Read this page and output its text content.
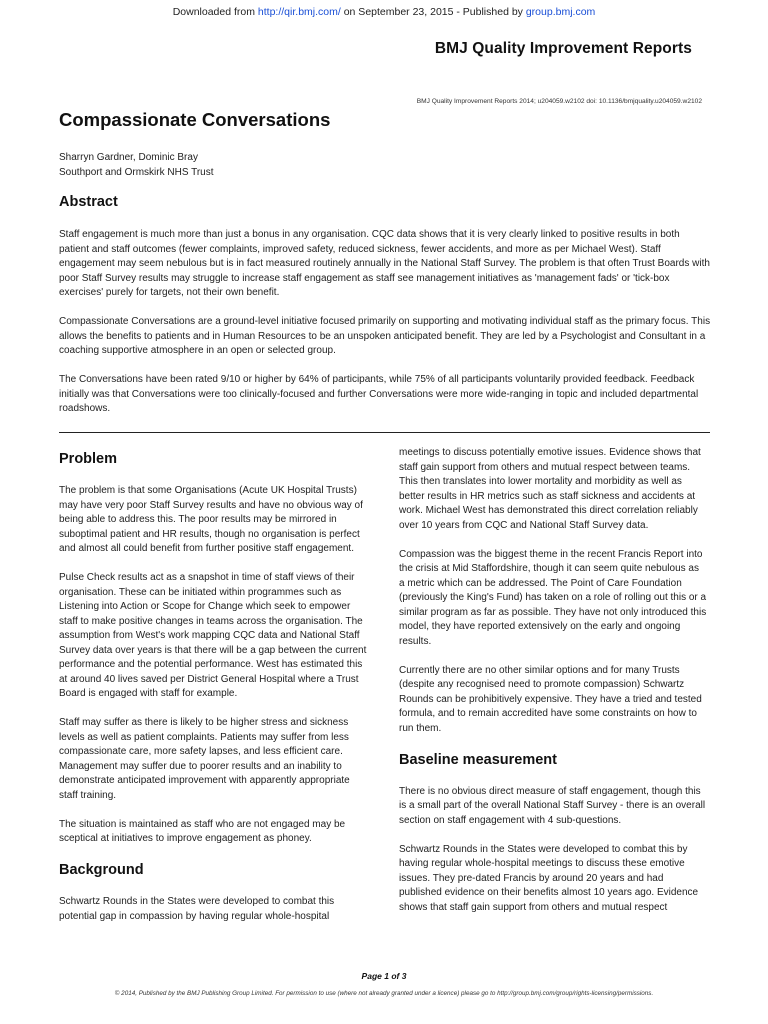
Downloaded from http://qir.bmj.com/ on September 23, 2015 - Published by group.bmj.com
BMJ Quality Improvement Reports
BMJ Quality Improvement Reports 2014; u204059.w2102 doi: 10.1136/bmjquality.u204059.w2102
Compassionate Conversations
Sharryn Gardner, Dominic Bray
Southport and Ormskirk NHS Trust
Abstract

Staff engagement is much more than just a bonus in any organisation. CQC data shows that it is very clearly linked to positive results in both patient and staff outcomes (fewer complaints, improved safety, reduced sickness, fewer accidents, and more as per Michael West). Staff engagement may seem nebulous but is in fact measured routinely annually in the National Staff Survey. The problem is that often Trust Boards with poor Staff Survey results may struggle to increase staff engagement as staff see management initiatives as 'management fads' or 'tick-box exercises' purely for targets, not their own benefit.

Compassionate Conversations are a ground-level initiative focused primarily on supporting and motivating individual staff as the primary focus. This allows the benefits to patients and in Human Resources to be an unspoken anticipated benefit. They are led by a Psychologist and Consultant in a coaching supportive atmosphere in an open or selected group.

The Conversations have been rated 9/10 or higher by 64% of participants, while 75% of all participants voluntarily provided feedback. Feedback initially was that Conversations were too clinically-focused and further Conversations were more wide-ranging in topic and included departmental roadshows.

Problem

The problem is that some Organisations (Acute UK Hospital Trusts) may have very poor Staff Survey results and have no obvious way of being able to address this. The poor results may be mirrored in suboptimal patient and HR results, though no organisation is perfect and almost all could benefit from further positive staff engagement.

Pulse Check results act as a snapshot in time of staff views of their organisation. These can be initiated within programmes such as Listening into Action or Scope for Change which seek to empower staff to make positive changes in teams across the organisation. The assumption from West's work mapping CQC data and National Staff Survey data over years is that there will be a gap between the current performance and the potential performance. West has estimated this at around 40 lives saved per District General Hospital where a Trust Board is engaged with staff for example.

Staff may suffer as there is likely to be higher stress and sickness levels as well as patient complaints. Patients may suffer from less compassionate care, more safety lapses, and less efficient care. Management may suffer due to poorer results and an inability to demonstrate anticipated improvement with apparently appropriate staff training.

The situation is maintained as staff who are not engaged may be sceptical at initiatives to improve engagement as phoney.

Background

Schwartz Rounds in the States were developed to combat this potential gap in compassion by having regular whole-hospital

meetings to discuss potentially emotive issues. Evidence shows that staff gain support from others and mutual respect between teams. This then translates into lower mortality and morbidity as well as better results in HR metrics such as staff sickness and accidents at work. Michael West has demonstrated this direct correlation reliably over 10 years from CQC and National Staff Survey data.

Compassion was the biggest theme in the recent Francis Report into the crisis at Mid Staffordshire, though it can seem quite nebulous as a metric which can be addressed. The Point of Care Foundation (previously the King's Fund) has taken on a role of rolling out this or a similar program as far as possible. They have not only introduced this model, they have reported extensively on the early and ongoing results.

Currently there are no other similar options and for many Trusts (despite any recognised need to promote compassion) Schwartz Rounds can be prohibitively expensive. They have a tried and tested formula, and to remain accredited have some constraints on how to run them.

Baseline measurement

There is no obvious direct measure of staff engagement, though this is a small part of the overall National Staff Survey - there is an overall section on staff engagement with 4 sub-questions.

Schwartz Rounds in the States were developed to combat this by having regular whole-hospital meetings to discuss these emotive issues. They pre-dated Francis by around 20 years and had published evidence on their benefits almost 10 years ago. Evidence shows that staff gain support from others and mutual respect

Page 1 of 3
© 2014, Published by the BMJ Publishing Group Limited. For permission to use (where not already granted under a licence) please go to http://group.bmj.com/group/rights-licensing/permissions.
